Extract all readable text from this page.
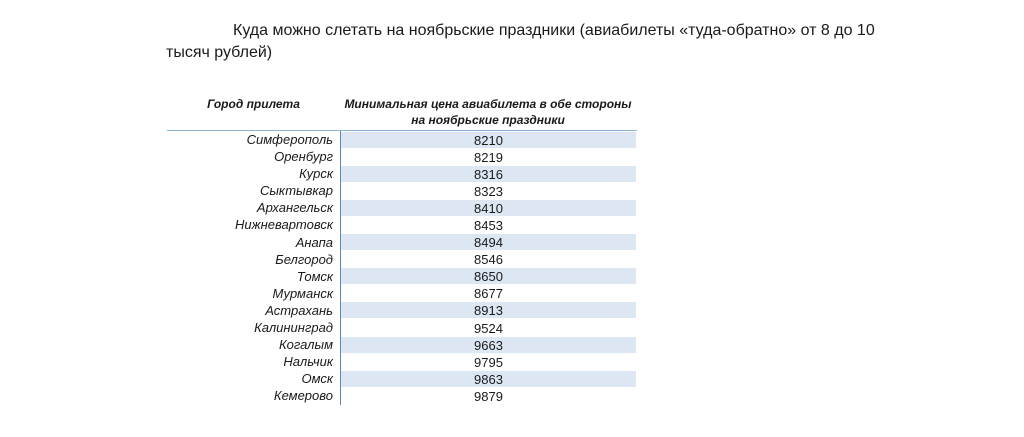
Куда можно слетать на ноябрьские праздники (авиабилеты «туда-обратно» от 8 до 10
тысяч рублей)

Город прилета	Минимальная цена авиабилета в обе стороны на ноябрьские праздники
Симферополь	8210
Оренбург	8219
Курск	8316
Сыктывкар	8323
Архангельск	8410
Нижневартовск	8453
Анапа	8494
Белгород	8546
Томск	8650
Мурманск	8677
Астрахань	8913
Калининград	9524
Когалым	9663
Нальчик	9795
Омск	9863
Кемерово	9879
